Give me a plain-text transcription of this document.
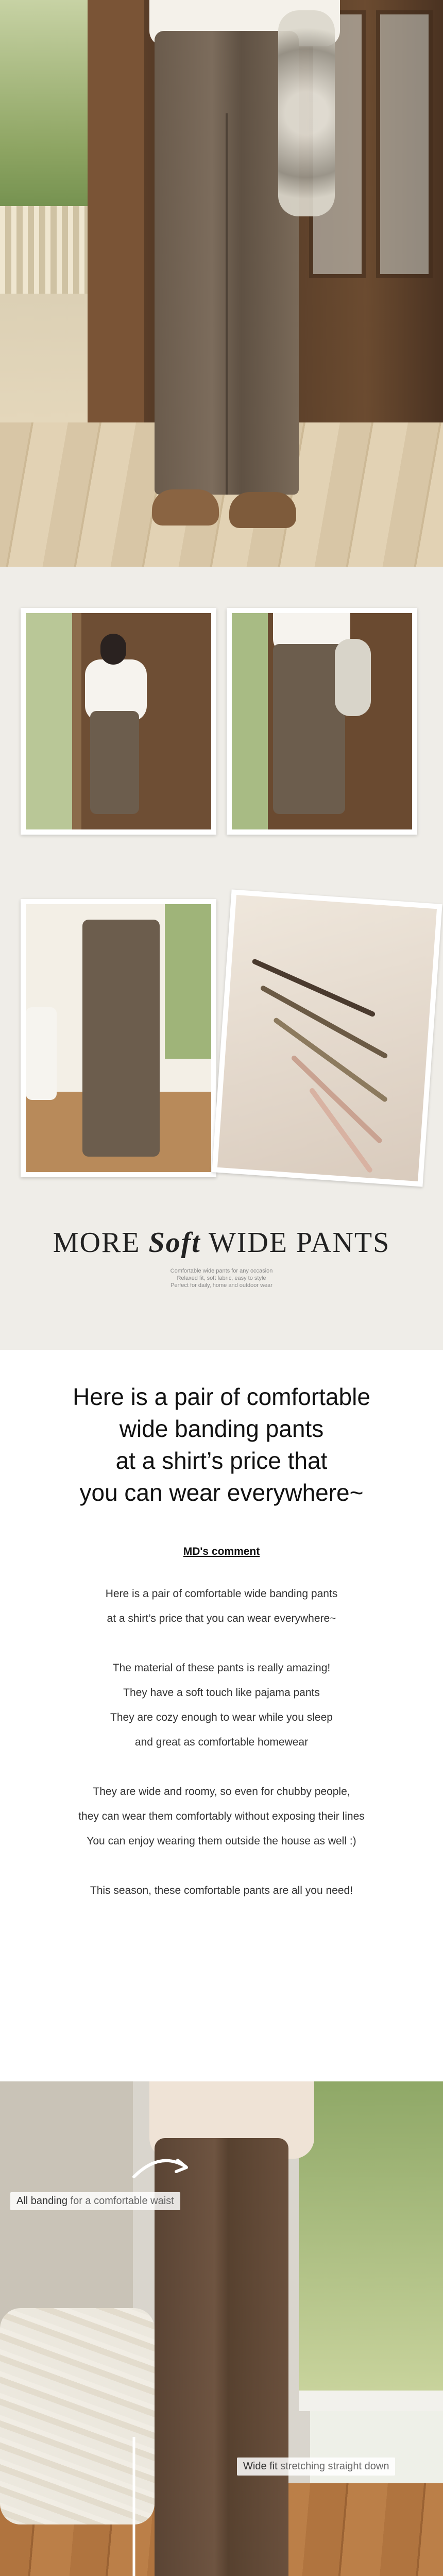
MORE Soft WIDE PANTS
Comfortable wide pants for any occasion
Relaxed fit, soft fabric, easy to style
Perfect for daily, home and outdoor wear
Here is a pair of comfortable
wide banding pants
at a shirt’s price that
you can wear everywhere~
MD's comment

Here is a pair of comfortable wide banding pants

at a shirt’s price that you can wear everywhere~

The material of these pants is really amazing!

They have a soft touch like pajama pants

They are cozy enough to wear while you sleep

and great as comfortable homewear

They are wide and roomy, so even for chubby people,

they can wear them comfortably without exposing their lines

You can enjoy wearing them outside the house as well :)

This season, these comfortable pants are all you need!

All banding for a comfortable waist
Wide fit stretching straight down
